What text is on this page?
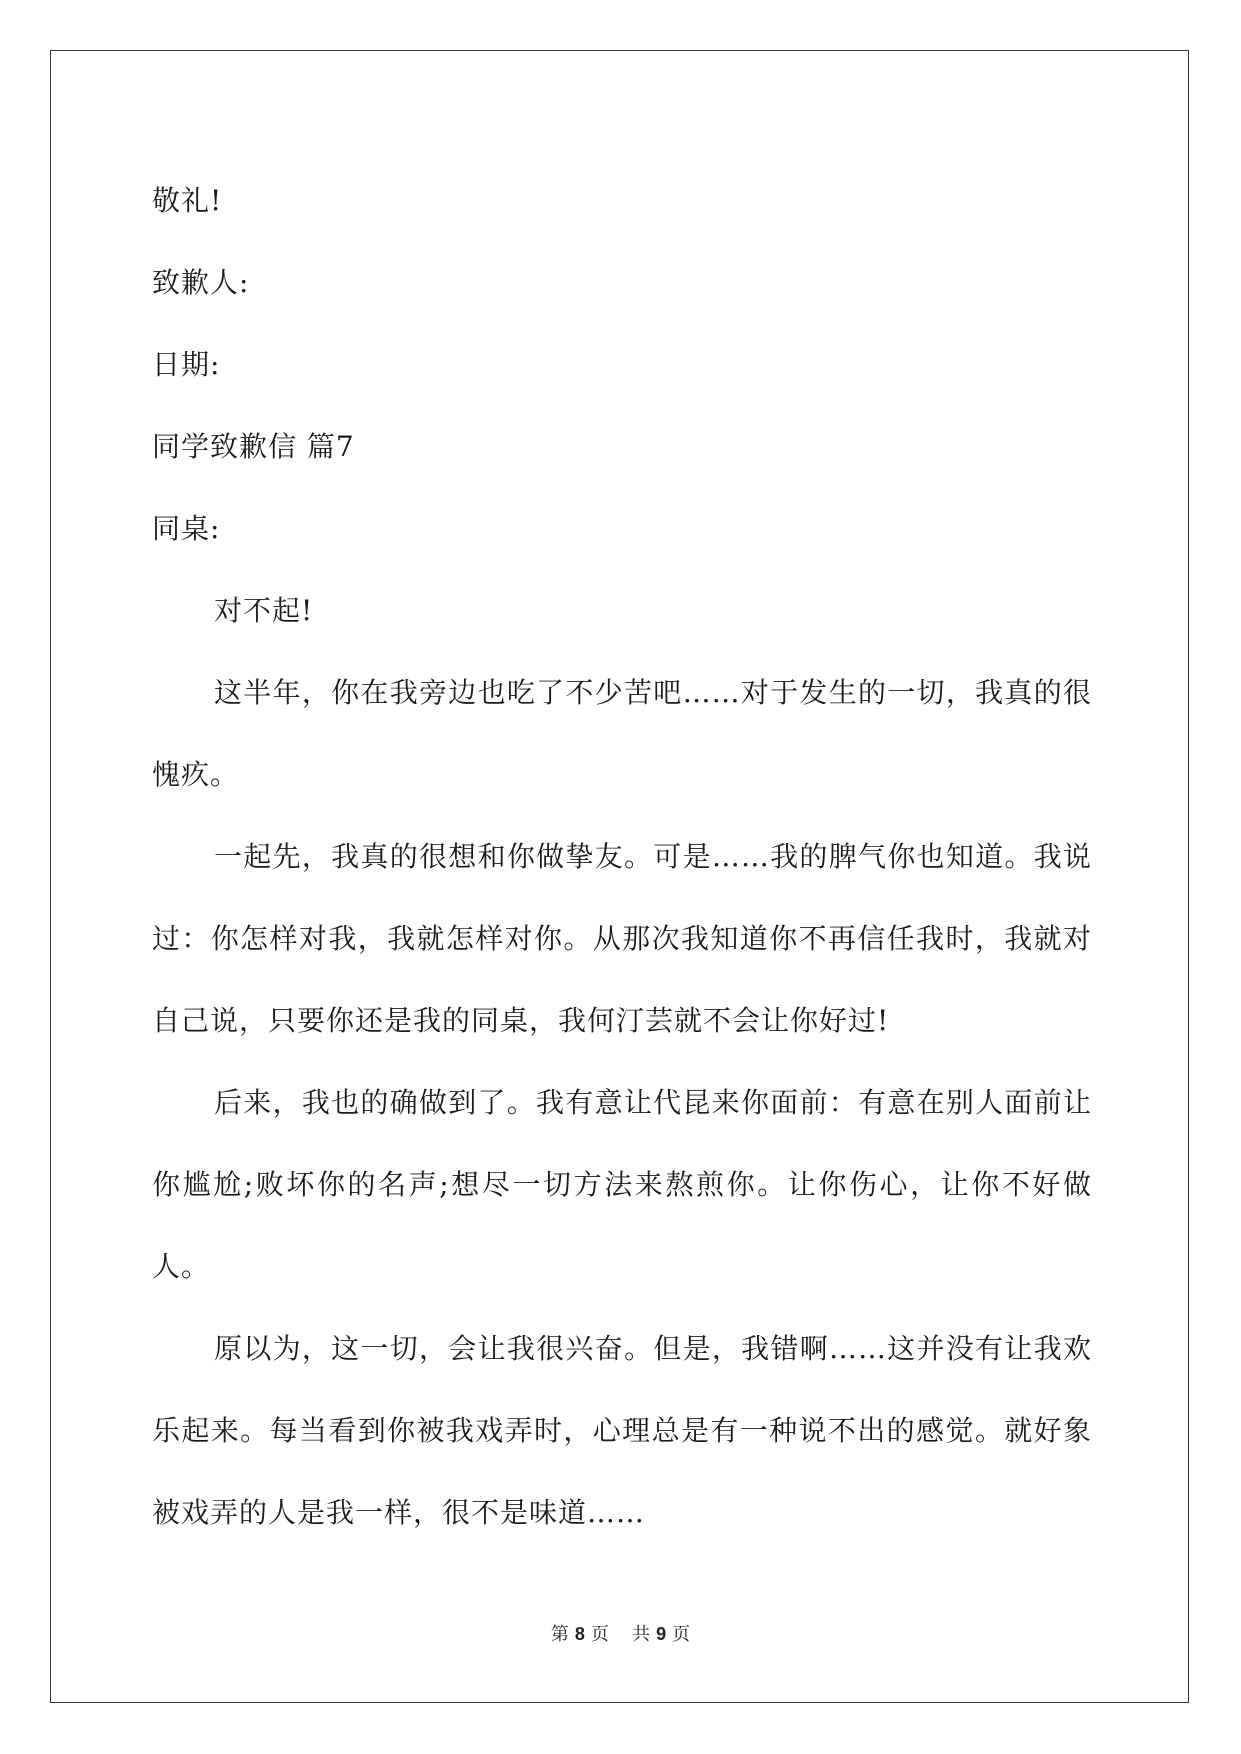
敬礼!
致歉人:
日期:
同学致歉信 篇7
同桌:
对不起!
这半年，你在我旁边也吃了不少苦吧……对于发生的一切，我真的很愧疚。
一起先，我真的很想和你做挚友。可是……我的脾气你也知道。我说过：你怎样对我，我就怎样对你。从那次我知道你不再信任我时，我就对自己说，只要你还是我的同桌，我何汀芸就不会让你好过!
后来，我也的确做到了。我有意让代昆来你面前：有意在别人面前让你尴尬;败坏你的名声;想尽一切方法来熬煎你。让你伤心，让你不好做人。
原以为，这一切，会让我很兴奋。但是，我错啊……这并没有让我欢乐起来。每当看到你被我戏弄时，心理总是有一种说不出的感觉。就好象被戏弄的人是我一样，很不是味道……
第 8 页 共 9 页
